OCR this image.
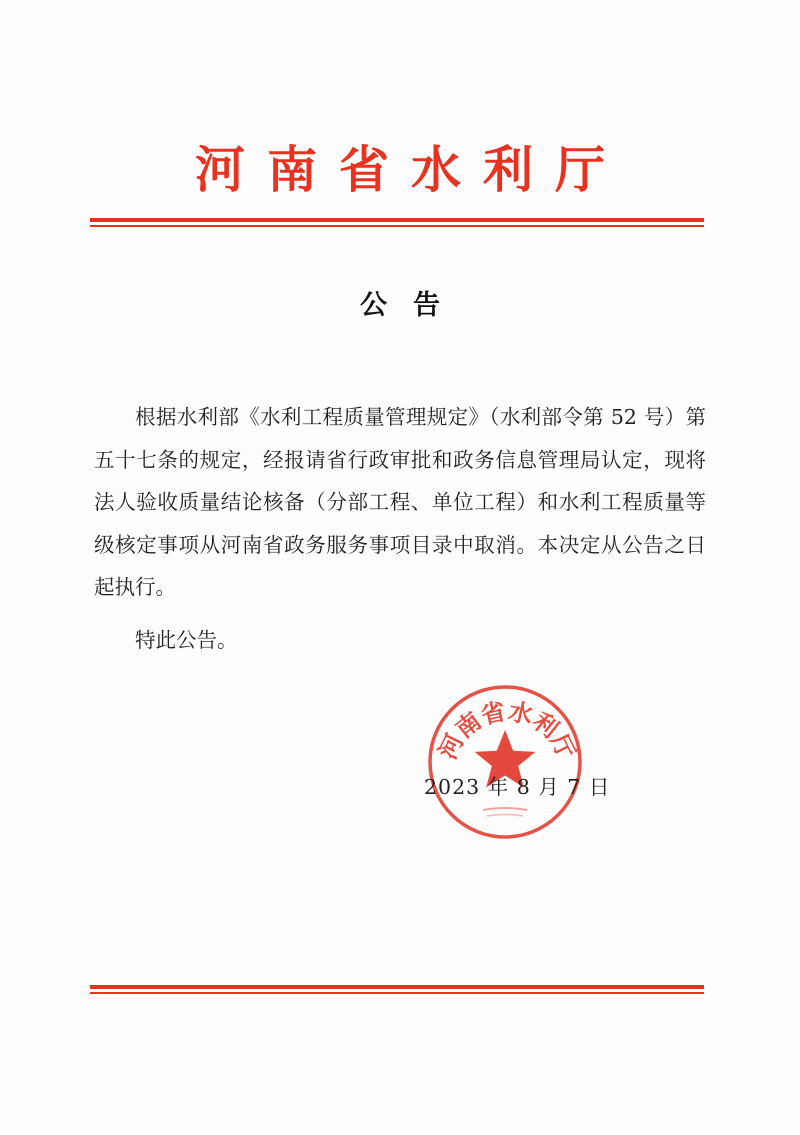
河南省水利厅
公告

根据水利部《水利工程质量管理规定》（水利部令第 52 号）第五十七条的规定，经报请省行政审批和政务信息管理局认定，现将法人验收质量结论核备（分部工程、单位工程）和水利工程质量等级核定事项从河南省政务服务事项目录中取消。本决定从公告之日起执行。

特此公告。
河南省水利厅
2023 年 8 月 7 日
